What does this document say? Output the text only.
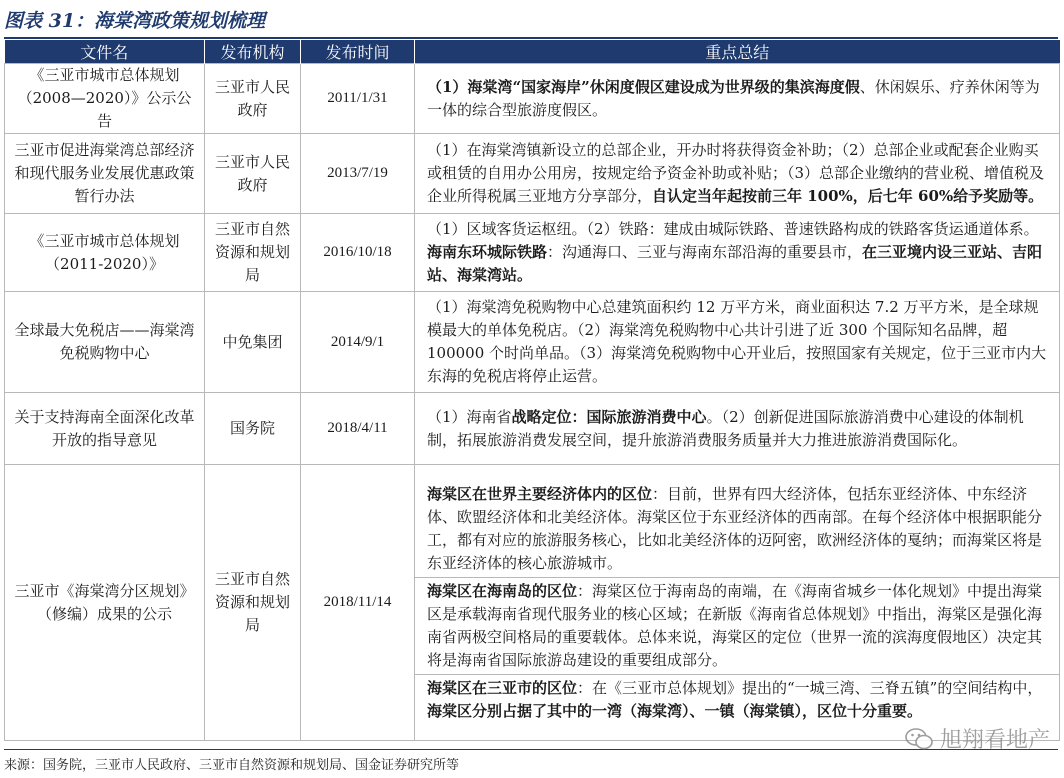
图表 31：海棠湾政策规划梳理
文件名	发布机构	发布时间	重点总结
《三亚市城市总体规划（2008—2020）》公示公告	三亚市人民政府	2011/1/31	（1）海棠湾“国家海岸”休闲度假区建设成为世界级的集滨海度假、休闲娱乐、疗养休闲等为一体的综合型旅游度假区。

三亚市促进海棠湾总部经济和现代服务业发展优惠政策暂行办法	三亚市人民政府	2013/7/19	（1）在海棠湾镇新设立的总部企业，开办时将获得资金补助；（2）总部企业或配套企业购买或租赁的自用办公用房，按规定给予资金补助或补贴；（3）总部企业缴纳的营业税、增值税及企业所得税属三亚地方分享部分，自认定当年起按前三年 100%，后七年 60%给予奖励等。

《三亚市城市总体规划（2011-2020）》	三亚市自然资源和规划局	2016/10/18	（1）区域客货运枢纽。（2）铁路：建成由城际铁路、普速铁路构成的铁路客货运通道体系。海南东环城际铁路：沟通海口、三亚与海南东部沿海的重要县市，在三亚境内设三亚站、吉阳站、海棠湾站。

全球最大免税店——海棠湾免税购物中心	中免集团	2014/9/1	（1）海棠湾免税购物中心总建筑面积约 12 万平方米，商业面积达 7.2 万平方米，是全球规模最大的单体免税店。（2）海棠湾免税购物中心共计引进了近 300 个国际知名品牌，超 100000 个时尚单品。（3）海棠湾免税购物中心开业后，按照国家有关规定，位于三亚市内大东海的免税店将停止运营。

关于支持海南全面深化改革开放的指导意见	国务院	2018/4/11	（1）海南省战略定位：国际旅游消费中心。（2）创新促进国际旅游消费中心建设的体制机制，拓展旅游消费发展空间，提升旅游消费服务质量并大力推进旅游消费国际化。

三亚市《海棠湾分区规划》（修编）成果的公示	三亚市自然资源和规划局	2018/11/14	海棠区在世界主要经济体内的区位：目前，世界有四大经济体，包括东亚经济体、中东经济体、欧盟经济体和北美经济体。海棠区位于东亚经济体的西南部。在每个经济体中根据职能分工，都有对应的旅游服务核心，比如北美经济体的迈阿密，欧洲经济体的戛纳；而海棠区将是东亚经济体的核心旅游城市。
海棠区在海南岛的区位：海棠区位于海南岛的南端，在《海南省城乡一体化规划》中提出海棠区是承载海南省现代服务业的核心区域；在新版《海南省总体规划》中指出，海棠区是强化海南省两极空间格局的重要载体。总体来说，海棠区的定位（世界一流的滨海度假地区）决定其将是海南省国际旅游岛建设的重要组成部分。
海棠区在三亚市的区位：在《三亚市总体规划》提出的“一城三湾、三脊五镇”的空间结构中，海棠区分别占据了其中的一湾（海棠湾）、一镇（海棠镇），区位十分重要。
来源：国务院，三亚市人民政府、三亚市自然资源和规划局、国金证券研究所等
旭翔看地产
